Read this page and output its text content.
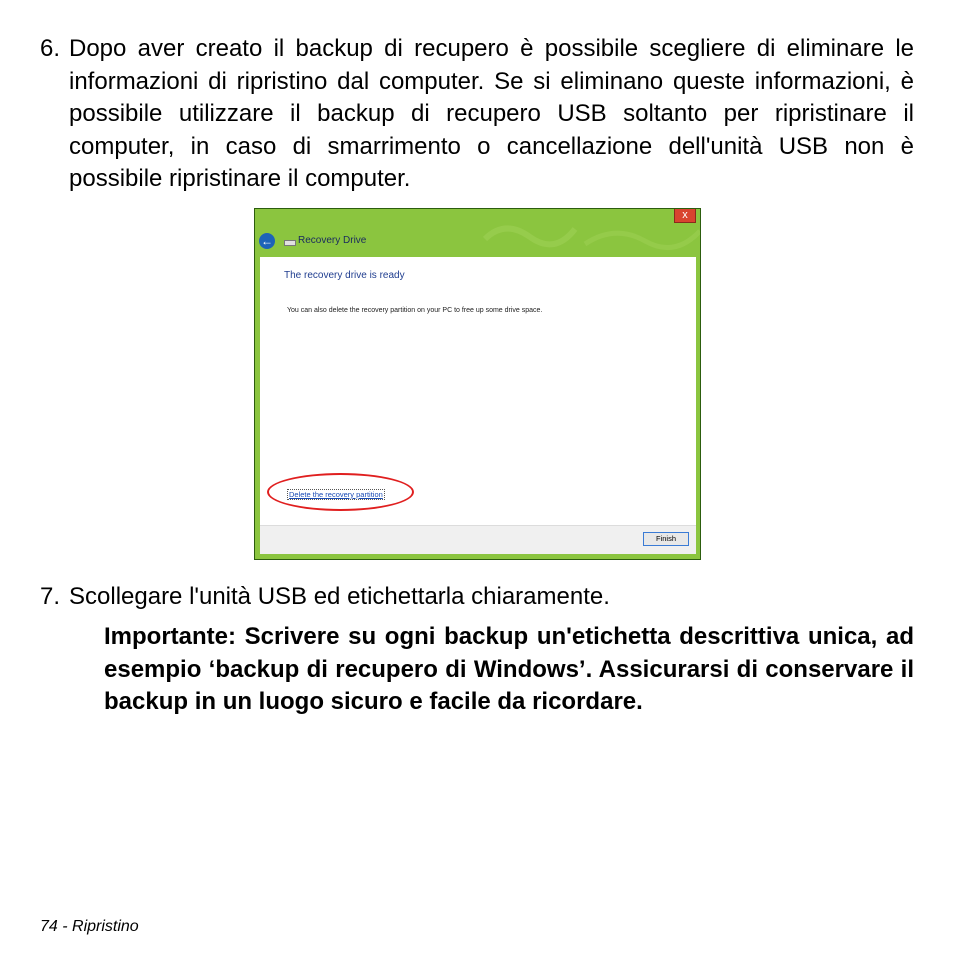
6. Dopo aver creato il backup di recupero è possibile scegliere di eliminare le informazioni di ripristino dal computer. Se si eliminano queste informazioni, è possibile utilizzare il backup di recupero USB soltanto per ripristinare il computer, in caso di smarrimento o cancellazione dell'unità USB non è possibile ripristinare il computer.
x
←	Recovery Drive
The recovery drive is ready
You can also delete the recovery partition on your PC to free up some drive space.
Delete the recovery partition
Finish
7. Scollegare l'unità USB ed etichettarla chiaramente.
Importante: Scrivere su ogni backup un'etichetta descrittiva unica, ad esempio ‘backup di recupero di Windows’. Assicurarsi di conservare il backup in un luogo sicuro e facile da ricordare.
74 - Ripristino
